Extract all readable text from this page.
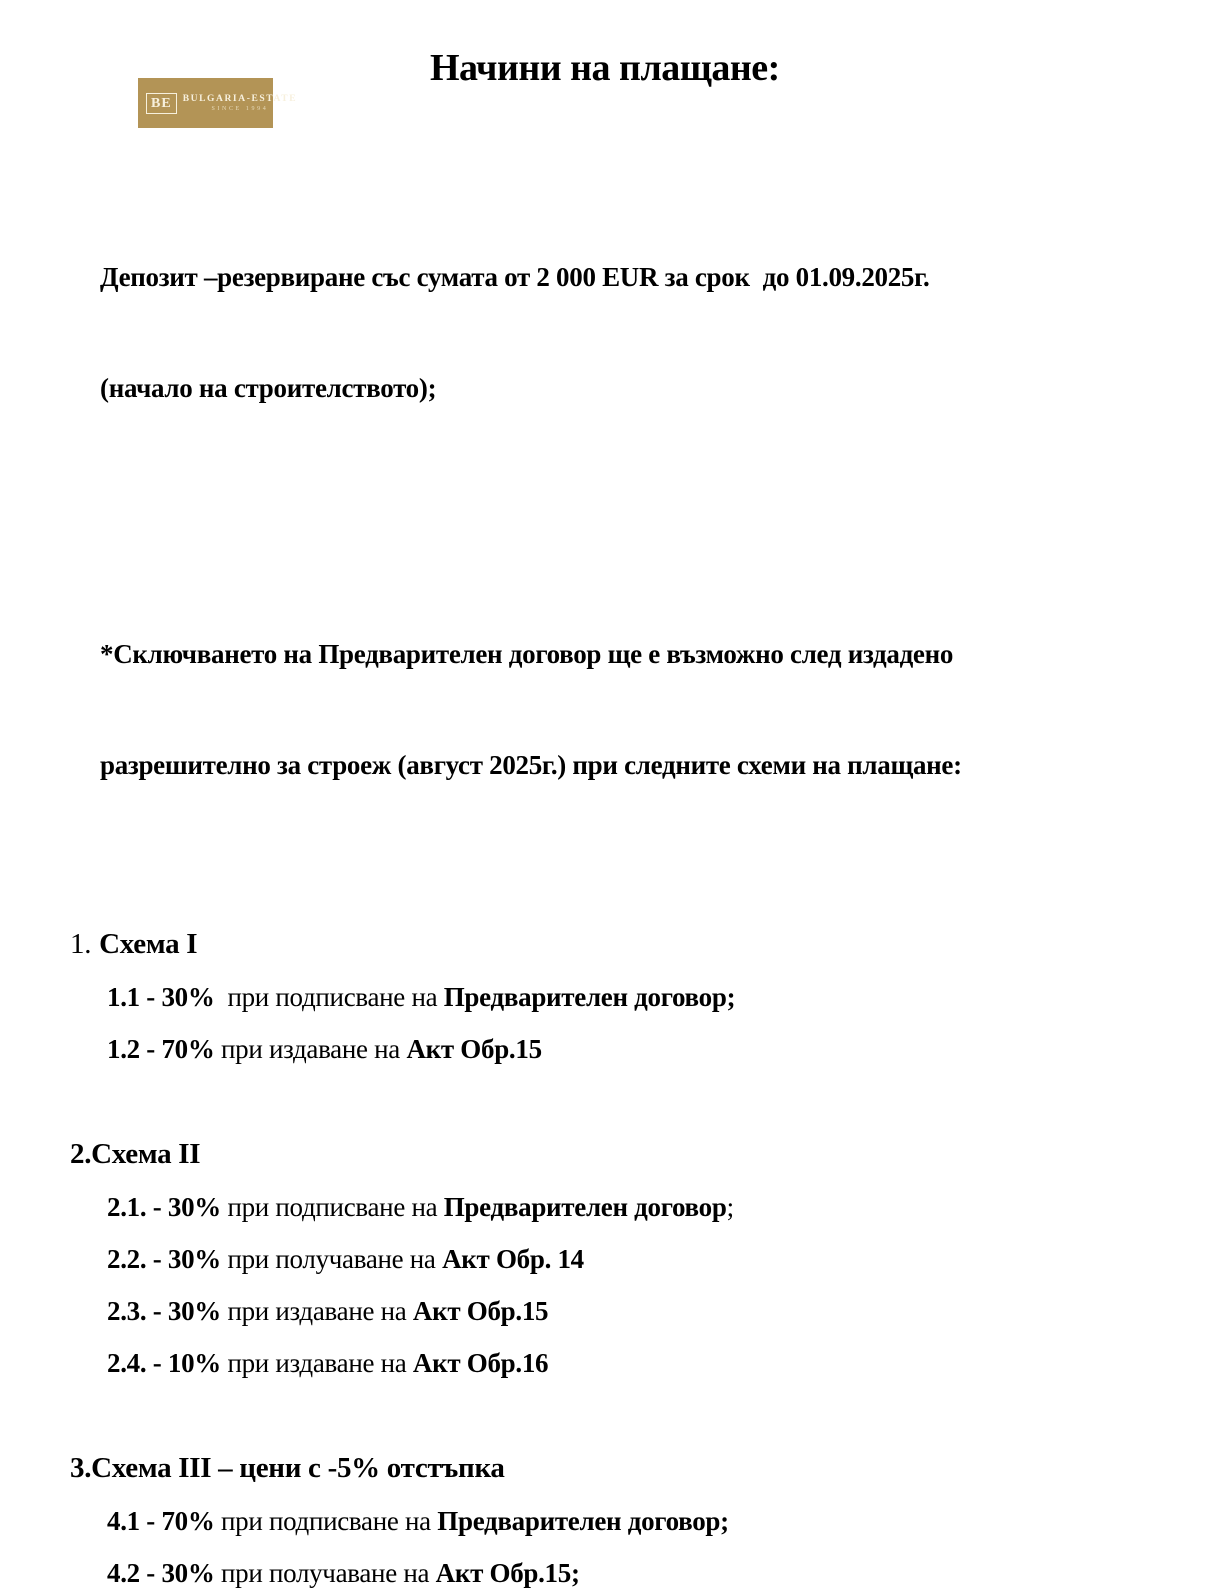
BE	BULGARIA-ESTATE
SINCE 1994
Начини на плащане:

Депозит –резервиране със сумата от 2 000 EUR за срок  до 01.09.2025г.

(начало на строителството);

*Сключването на Предварителен договор ще е възможно след издадено

разрешително за строеж (август 2025г.) при следните схеми на плащане:

1. Схема I
1.1 - 30%  при подписване на Предварителен договор;
1.2 - 70% при издаване на Акт Обр.15
2.Схема II
2.1. - 30% при подписване на Предварителен договор;
2.2. - 30% при получаване на Акт Обр. 14
2.3. - 30% при издаване на Акт Обр.15
2.4. - 10% при издаване на Акт Обр.16
3.Схема III – цени с -5% отстъпка
4.1 - 70% при подписване на Предварителен договор;
4.2 - 30% при получаване на Акт Обр.15;
